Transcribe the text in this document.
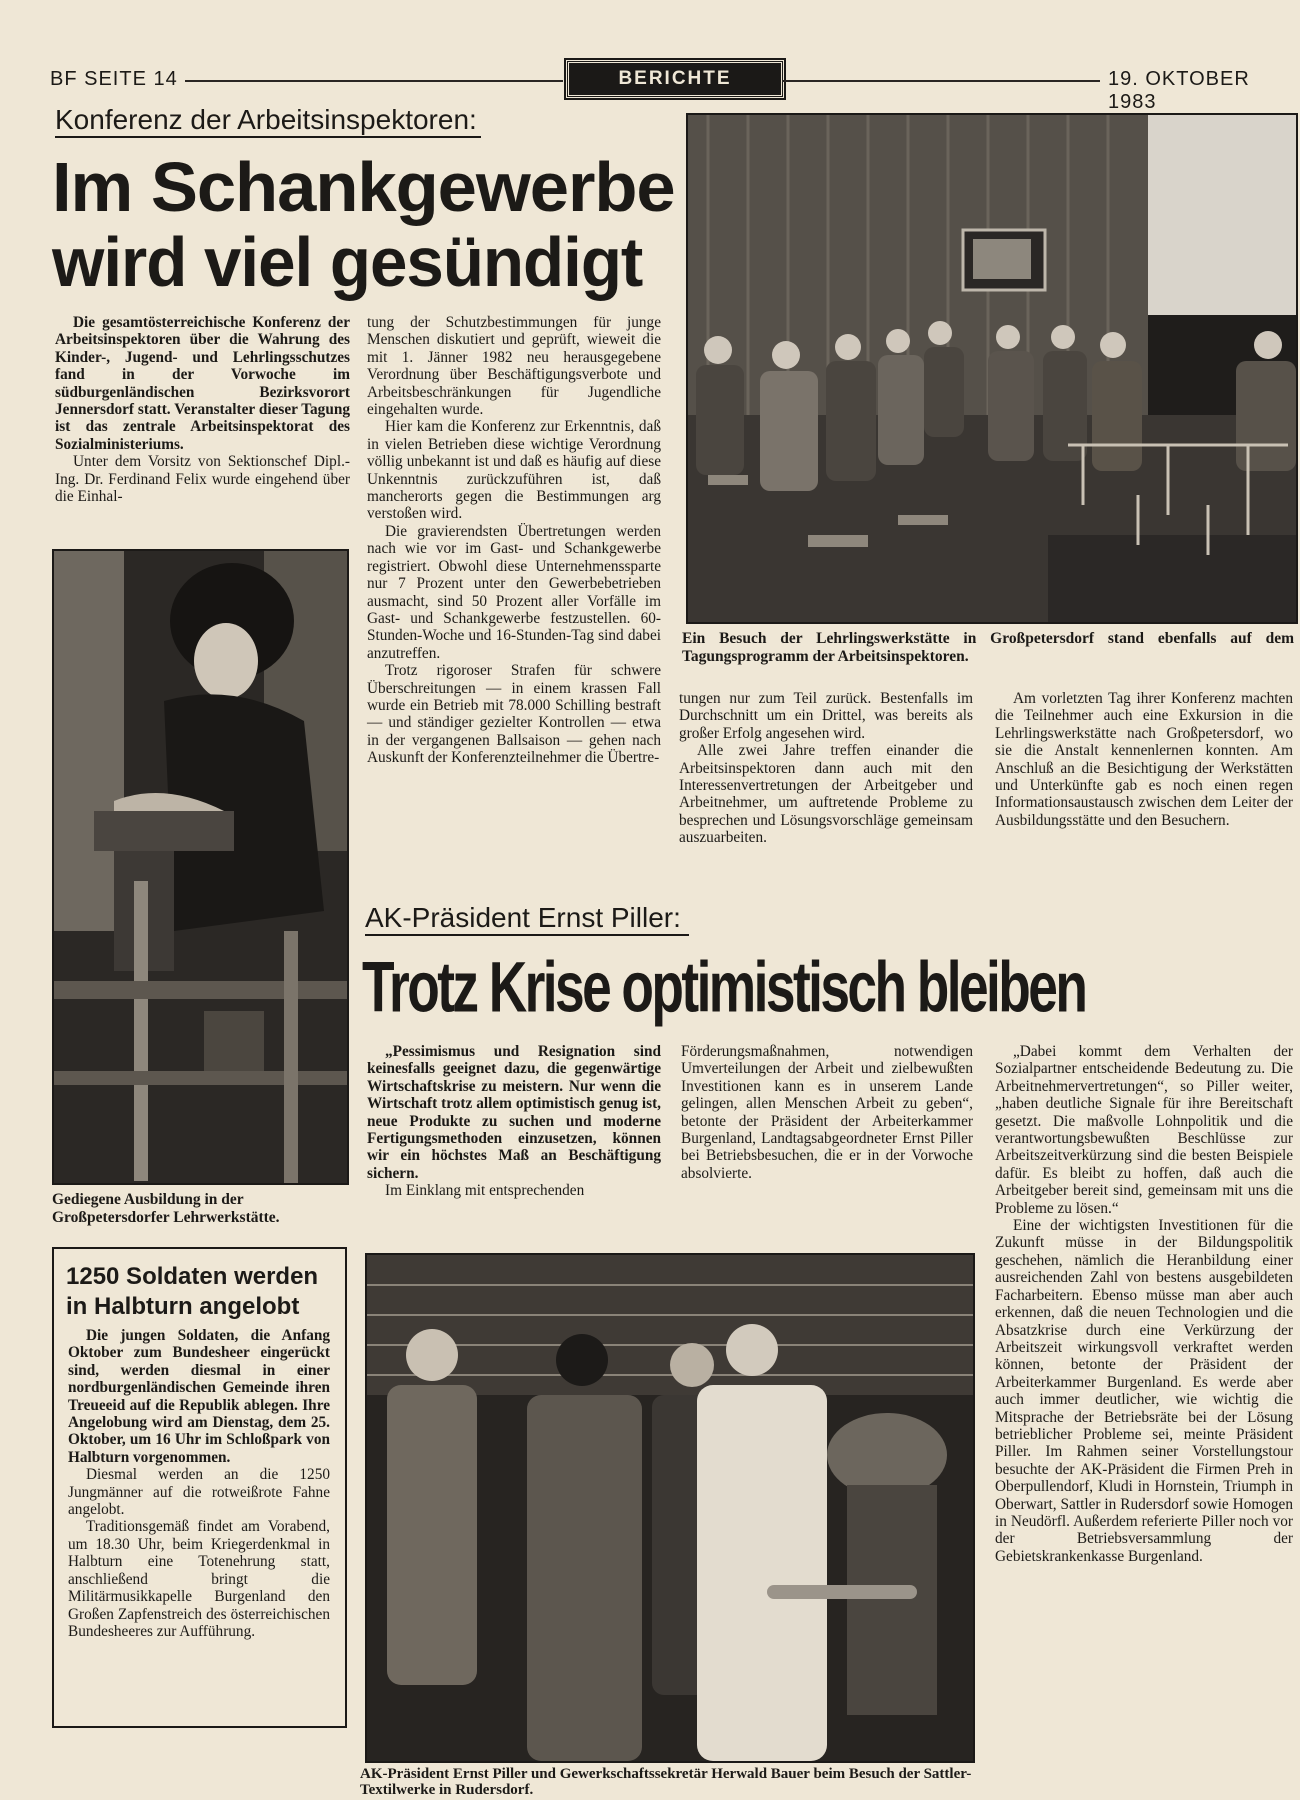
BF SEITE 14	BERICHTE	19. OKTOBER 1983
Konferenz der Arbeitsinspektoren:
Im Schankgewerbe
wird viel gesündigt

Die gesamtösterreichische Konferenz der Arbeitsinspektoren über die Wahrung des Kinder-, Jugend- und Lehrlingsschutzes fand in der Vorwoche im südburgenländischen Bezirksvorort Jennersdorf statt. Veranstalter dieser Tagung ist das zentrale Arbeitsinspektorat des Sozialministeriums.

Unter dem Vorsitz von Sektionschef Dipl.-Ing. Dr. Ferdinand Felix wurde eingehend über die Einhal-

tung der Schutzbestimmungen für junge Menschen diskutiert und geprüft, wieweit die mit 1. Jänner 1982 neu herausgegebene Verordnung über Beschäftigungsverbote und Arbeitsbeschränkungen für Jugendliche eingehalten wurde.

Hier kam die Konferenz zur Erkenntnis, daß in vielen Betrieben diese wichtige Verordnung völlig unbekannt ist und daß es häufig auf diese Unkenntnis zurückzuführen ist, daß mancherorts gegen die Bestimmungen arg verstoßen wird.

Die gravierendsten Übertretungen werden nach wie vor im Gast- und Schankgewerbe registriert. Obwohl diese Unternehmenssparte nur 7 Prozent unter den Gewerbebetrieben ausmacht, sind 50 Prozent aller Vorfälle im Gast- und Schankgewerbe festzustellen. 60-Stunden-Woche und 16-Stunden-Tag sind dabei anzutreffen.

Trotz rigoroser Strafen für schwere Überschreitungen — in einem krassen Fall wurde ein Betrieb mit 78.000 Schilling bestraft — und ständiger gezielter Kontrollen — etwa in der vergangenen Ballsaison — gehen nach Auskunft der Konferenzteilnehmer die Übertre-

Ein Besuch der Lehrlingswerkstätte in Großpetersdorf stand ebenfalls auf dem Tagungsprogramm der Arbeitsinspektoren.

tungen nur zum Teil zurück. Bestenfalls im Durchschnitt um ein Drittel, was bereits als großer Erfolg angesehen wird.

Alle zwei Jahre treffen einander die Arbeitsinspektoren dann auch mit den Interessenvertretungen der Arbeitgeber und Arbeitnehmer, um auftretende Probleme zu besprechen und Lösungsvorschläge gemeinsam auszuarbeiten.

Am vorletzten Tag ihrer Konferenz machten die Teilnehmer auch eine Exkursion in die Lehrlingswerkstätte nach Großpetersdorf, wo sie die Anstalt kennenlernen konnten. Am Anschluß an die Besichtigung der Werkstätten und Unterkünfte gab es noch einen regen Informationsaustausch zwischen dem Leiter der Ausbildungsstätte und den Besuchern.

Gediegene Ausbildung in der Großpetersdorfer Lehrwerkstätte.
1250 Soldaten werden
in Halbturn angelobt

Die jungen Soldaten, die Anfang Oktober zum Bundesheer eingerückt sind, werden diesmal in einer nordburgenländischen Gemeinde ihren Treueeid auf die Republik ablegen. Ihre Angelobung wird am Dienstag, dem 25. Oktober, um 16 Uhr im Schloßpark von Halbturn vorgenommen.

Diesmal werden an die 1250 Jungmänner auf die rotweißrote Fahne angelobt.

Traditionsgemäß findet am Vorabend, um 18.30 Uhr, beim Kriegerdenkmal in Halbturn eine Totenehrung statt, anschließend bringt die Militärmusikkapelle Burgenland den Großen Zapfenstreich des österreichischen Bundesheeres zur Aufführung.

AK-Präsident Ernst Piller:
Trotz Krise optimistisch bleiben

„Pessimismus und Resignation sind keinesfalls geeignet dazu, die gegenwärtige Wirtschaftskrise zu meistern. Nur wenn die Wirtschaft trotz allem optimistisch genug ist, neue Produkte zu suchen und moderne Fertigungsmethoden einzusetzen, können wir ein höchstes Maß an Beschäftigung sichern.

Im Einklang mit entsprechenden

Förderungsmaßnahmen, notwendigen Umverteilungen der Arbeit und zielbewußten Investitionen kann es in unserem Lande gelingen, allen Menschen Arbeit zu geben“, betonte der Präsident der Arbeiterkammer Burgenland, Landtagsabgeordneter Ernst Piller bei Betriebsbesuchen, die er in der Vorwoche absolvierte.

„Dabei kommt dem Verhalten der Sozialpartner entscheidende Bedeutung zu. Die Arbeitnehmervertretungen“, so Piller weiter, „haben deutliche Signale für ihre Bereitschaft gesetzt. Die maßvolle Lohnpolitik und die verantwortungsbewußten Beschlüsse zur Arbeitszeitverkürzung sind die besten Beispiele dafür. Es bleibt zu hoffen, daß auch die Arbeitgeber bereit sind, gemeinsam mit uns die Probleme zu lösen.“

Eine der wichtigsten Investitionen für die Zukunft müsse in der Bildungspolitik geschehen, nämlich die Heranbildung einer ausreichenden Zahl von bestens ausgebildeten Facharbeitern. Ebenso müsse man aber auch erkennen, daß die neuen Technologien und die Absatzkrise durch eine Verkürzung der Arbeitszeit wirkungsvoll verkraftet werden können, betonte der Präsident der Arbeiterkammer Burgenland. Es werde aber auch immer deutlicher, wie wichtig die Mitsprache der Betriebsräte bei der Lösung betrieblicher Probleme sei, meinte Präsident Piller. Im Rahmen seiner Vorstellungstour besuchte der AK-Präsident die Firmen Preh in Oberpullendorf, Kludi in Hornstein, Triumph in Oberwart, Sattler in Rudersdorf sowie Homogen in Neudörfl. Außerdem referierte Piller noch vor der Betriebsversammlung der Gebietskrankenkasse Burgenland.

AK-Präsident Ernst Piller und Gewerkschaftssekretär Herwald Bauer beim Besuch der Sattler-Textilwerke in Rudersdorf.
